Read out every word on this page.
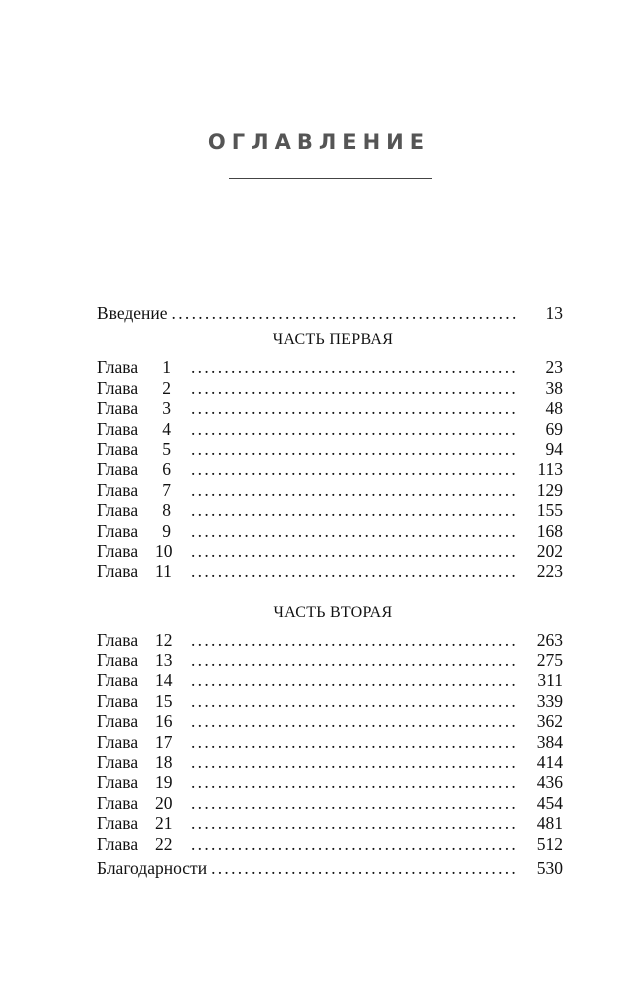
ОГЛАВЛЕНИЕ
Введение .....	13
ЧАСТЬ ПЕРВАЯ
Глава 1 .....	23
Глава 2 .....	38
Глава 3 .....	48
Глава 4 .....	69
Глава 5 .....	94
Глава 6 .....	113
Глава 7 .....	129
Глава 8 .....	155
Глава 9 .....	168
Глава 10 .....	202
Глава 11 .....	223
ЧАСТЬ ВТОРАЯ
Глава 12 .....	263
Глава 13 .....	275
Глава 14 .....	311
Глава 15 .....	339
Глава 16 .....	362
Глава 17 .....	384
Глава 18 .....	414
Глава 19 .....	436
Глава 20 .....	454
Глава 21 .....	481
Глава 22 .....	512
Благодарности .....	530
